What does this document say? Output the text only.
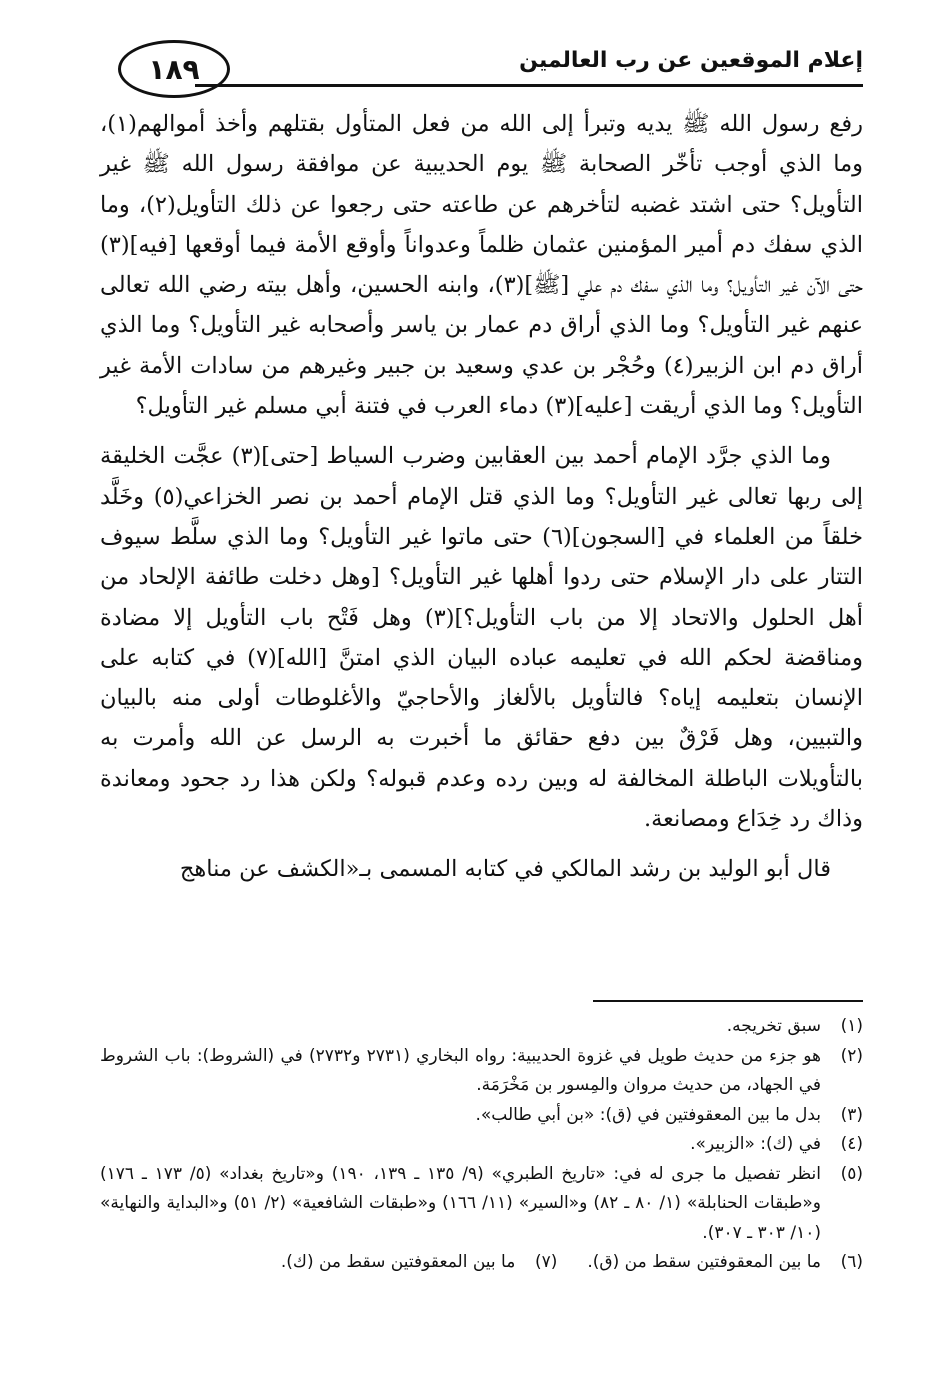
إعلام الموقعين عن رب العالمين
١٨٩

رفع رسول الله ﷺ يديه وتبرأ إلى الله من فعل المتأول بقتلهم وأخذ أموالهم(١)، وما الذي أوجب تأخّر الصحابة ﷺ يوم الحديبية عن موافقة رسول الله ﷺ غير التأويل؟ حتى اشتد غضبه لتأخرهم عن طاعته حتى رجعوا عن ذلك التأويل(٢)، وما الذي سفك دم أمير المؤمنين عثمان ظلماً وعدواناً وأوقع الأمة فيما أوقعها [فيه](٣) حتى الآن غير التأويل؟ وما الذي سفك دم علي [ﷺ](٣)، وابنه الحسين، وأهل بيته رضي الله تعالى عنهم غير التأويل؟ وما الذي أراق دم عمار بن ياسر وأصحابه غير التأويل؟ وما الذي أراق دم ابن الزبير(٤) وحُجْر بن عدي وسعيد بن جبير وغيرهم من سادات الأمة غير التأويل؟ وما الذي أريقت [عليه](٣) دماء العرب في فتنة أبي مسلم غير التأويل؟

وما الذي جرَّد الإمام أحمد بين العقابين وضرب السياط [حتى](٣) عجَّت الخليقة إلى ربها تعالى غير التأويل؟ وما الذي قتل الإمام أحمد بن نصر الخزاعي(٥) وخَلَّد خلقاً من العلماء في [السجون](٦) حتى ماتوا غير التأويل؟ وما الذي سلَّط سيوف التتار على دار الإسلام حتى ردوا أهلها غير التأويل؟ [وهل دخلت طائفة الإلحاد من أهل الحلول والاتحاد إلا من باب التأويل؟](٣) وهل فَتْح باب التأويل إلا مضادة ومناقضة لحكم الله في تعليمه عباده البيان الذي امتنَّ [الله](٧) في كتابه على الإنسان بتعليمه إياه؟ فالتأويل بالألغاز والأحاجيّ والأغلوطات أولى منه بالبيان والتبيين، وهل فَرْقٌ بين دفع حقائق ما أخبرت به الرسل عن الله وأمرت به بالتأويلات الباطلة المخالفة له وبين رده وعدم قبوله؟ ولكن هذا رد جحود ومعاندة وذاك رد خِدَاع ومصانعة.

قال أبو الوليد بن رشد المالكي في كتابه المسمى بـ«الكشف عن مناهج

(١)
سبق تخريجه.
(٢)
هو جزء من حديث طويل في غزوة الحديبية: رواه البخاري (٢٧٣١ و٢٧٣٢) في (الشروط): باب الشروط في الجهاد، من حديث مروان والمِسور بن مَخْرَمَة.
(٣)
بدل ما بين المعقوفتين في (ق): «بن أبي طالب».
(٤)
في (ك): «الزبير».
(٥)
انظر تفصيل ما جرى له في: «تاريخ الطبري» (٩/ ١٣٥ ـ ١٣٩، ١٩٠) و«تاريخ بغداد» (٥/ ١٧٣ ـ ١٧٦) و«طبقات الحنابلة» (١/ ٨٠ ـ ٨٢) و«السير» (١١/ ١٦٦) و«طبقات الشافعية» (٢/ ٥١) و«البداية والنهاية» (١٠/ ٣٠٣ ـ ٣٠٧).
(٦)
ما بين المعقوفتين سقط من (ق).
(٧)
ما بين المعقوفتين سقط من (ك).
